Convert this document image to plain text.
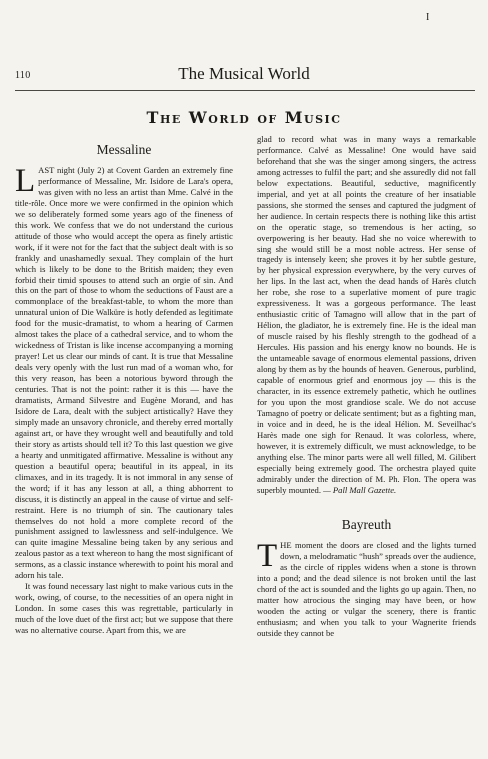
I
110	The Musical World
The World of Music
Messaline

LAST night (July 2) at Covent Garden an extremely fine performance of Messaline, Mr. Isidore de Lara's opera, was given with no less an artist than Mme. Calvé in the title-rôle. Once more we were confirmed in the opinion which we so deliberately formed some years ago of the fineness of this work. We confess that we do not understand the curious attitude of those who would accept the opera as finely artistic work, if it were not for the fact that the subject dealt with is so frankly and unashamedly sexual. They complain of the hurt which is likely to be done to the British maiden; they even forbid their timid spouses to attend such an orgie of sin. And this on the part of those to whom the seductions of Faust are a commonplace of the breakfast-table, to whom the more than unnatural union of Die Walküre is hotly defended as legitimate food for the music-dramatist, to whom a hearing of Carmen almost takes the place of a cathedral service, and to whom the wickedness of Tristan is like incense accompanying a morning prayer! Let us clear our minds of cant. It is true that Messaline deals very openly with the lust run mad of a woman who, for this very reason, has been a notorious byword through the centuries. That is not the point: rather it is this — have the dramatists, Armand Silvestre and Eugène Morand, and has Isidore de Lara, dealt with the subject artistically? Have they simply made an unsavory chronicle, and thereby erred mortally against art, or have they wrought well and beautifully and told their story as artists should tell it? To this last question we give a hearty and unmitigated affirmative. Messaline is without any question a beautiful opera; beautiful in its appeal, in its climaxes, and in its tragedy. It is not immoral in any sense of the word; if it has any lesson at all, a thing abhorrent to discuss, it is distinctly an appeal in the cause of virtue and self-restraint. Here is no triumph of sin. The cautionary tales themselves do not hold a more complete record of the punishment assigned to lawlessness and self-indulgence. We can quite imagine Messaline being taken by any serious and zealous pastor as a text whereon to hang the most significant of sermons, as a classic instance wherewith to point his moral and adorn his tale.

It was found necessary last night to make various cuts in the work, owing, of course, to the necessities of an opera night in London. In some cases this was regrettable, particularly in much of the love duet of the first act; but we suppose that there was no alternative course. Apart from this, we are

glad to record what was in many ways a remarkable performance. Calvé as Messaline! One would have said beforehand that she was the singer among singers, the actress among actresses to fulfil the part; and she assuredly did not fall below expectations. Beautiful, seductive, magnificently imperial, and yet at all points the creature of her insatiable passions, she stormed the senses and captured the judgment of her audience. In certain respects there is nothing like this artist on the operatic stage, so tremendous is her acting, so overpowering is her beauty. Had she no voice wherewith to sing she would still be a most noble actress. Her sense of tragedy is intensely keen; she proves it by her subtle gesture, by her physical expression everywhere, by the very curves of her lips. In the last act, when the dead hands of Harès clutch her robe, she rose to a superlative moment of pure tragic expressiveness. It was a gorgeous performance. The least enthusiastic critic of Tamagno will allow that in the part of Hélion, the gladiator, he is extremely fine. He is the ideal man of muscle raised by his fleshly strength to the godhead of a Hercules. His passion and his energy know no bounds. He is the untameable savage of enormous elemental passions, driven along by them as by the hounds of heaven. Generous, purblind, capable of enormous grief and enormous joy — this is the character, in its essence extremely pathetic, which he outlines for you upon the most grandiose scale. We do not accuse Tamagno of poetry or delicate sentiment; but as a fighting man, in voice and in deed, he is the ideal Hélion. M. Seveilhac's Harès made one sigh for Renaud. It was colorless, where, however, it is extremely difficult, we must acknowledge, to be anything else. The minor parts were all well filled, M. Gilibert especially being extremely good. The orchestra played quite admirably under the direction of M. Ph. Flon. The opera was superbly mounted. — Pall Mall Gazette.

Bayreuth

THE moment the doors are closed and the lights turned down, a melodramatic “hush” spreads over the audience, as the circle of ripples widens when a stone is thrown into a pond; and the dead silence is not broken until the last chord of the act is sounded and the lights go up again. Then, no matter how atrocious the singing may have been, or how wooden the acting or vulgar the scenery, there is frantic enthusiasm; and when you talk to your Wagnerite friends outside they cannot be
